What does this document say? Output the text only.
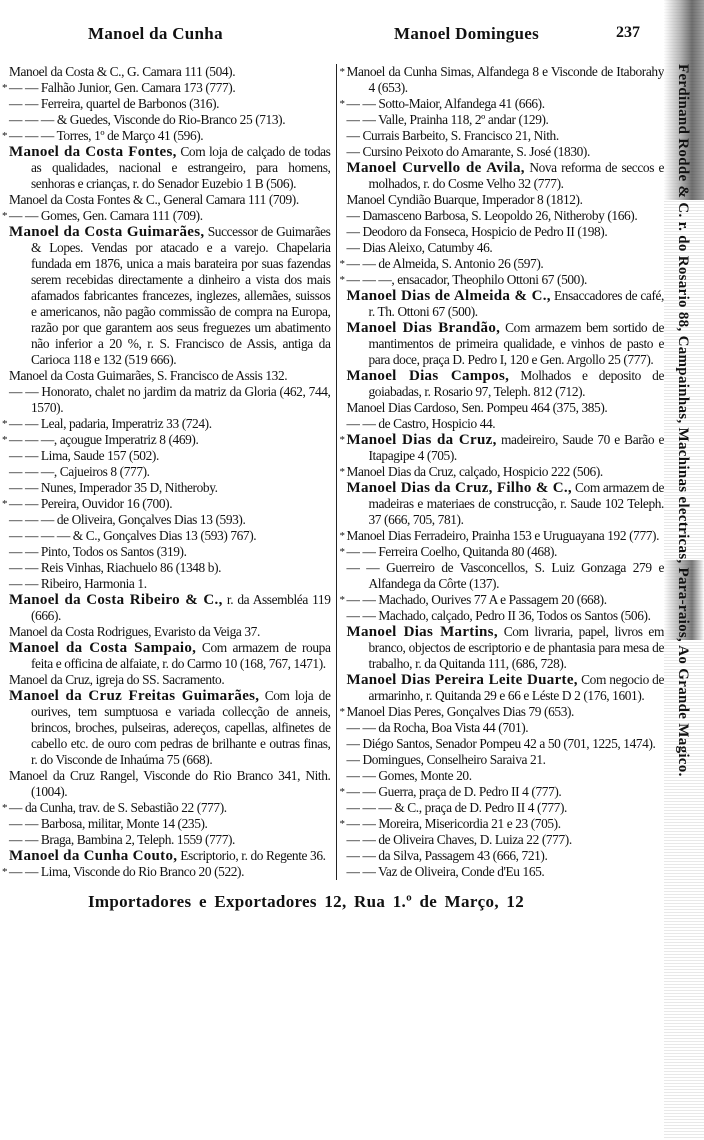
Manoel da Cunha	Manoel Domingues	237
Manoel da Costa & C., G. Camara 111 (504).
* — — Falhão Junior, Gen. Camara 173 (777).
— — Ferreira, quartel de Barbonos (316).
— — — & Guedes, Visconde do Rio-Branco 25 (713).
* — — — Torres, 1º de Março 41 (596).
Manoel da Costa Fontes, Com loja de calçado de todas as qualidades, nacional e estrangeiro, para homens, senhoras e crianças, r. do Senador Euzebio 1 B (506).
Manoel da Costa Fontes & C., General Camara 111 (709).
* — — Gomes, Gen. Camara 111 (709).
Manoel da Costa Guimarães, Successor de Guimarães & Lopes. Vendas por atacado e a varejo. Chapelaria fundada em 1876, unica a mais barateira por suas fazendas serem recebidas directamente a dinheiro a vista dos mais afamados fabricantes francezes, inglezes, allemães, suissos e americanos, não pagão commissão de compra na Europa, razão por que garantem aos seus freguezes um abatimento não inferior a 20 %, r. S. Francisco de Assis, antiga da Carioca 118 e 132 (519 666).
Manoel da Costa Guimarães, S. Francisco de Assis 132.
— — Honorato, chalet no jardim da matriz da Gloria (462, 744, 1570).
* — — Leal, padaria, Imperatriz 33 (724).
* — — —, açougue Imperatriz 8 (469).
— — Lima, Saude 157 (502).
— — —, Cajueiros 8 (777).
— — Nunes, Imperador 35 D, Nitheroby.
* — — Pereira, Ouvidor 16 (700).
— — — de Oliveira, Gonçalves Dias 13 (593).
— — — — & C., Gonçalves Dias 13 (593) 767).
— — Pinto, Todos os Santos (319).
— — Reis Vinhas, Riachuelo 86 (1348 b).
— — Ribeiro, Harmonia 1.
Manoel da Costa Ribeiro & C., r. da Assembléa 119 (666).
Manoel da Costa Rodrigues, Evaristo da Veiga 37.
Manoel da Costa Sampaio, Com armazem de roupa feita e officina de alfaiate, r. do Carmo 10 (168, 767, 1471).
Manoel da Cruz, igreja do SS. Sacramento.
Manoel da Cruz Freitas Guimarães, Com loja de ourives, tem sumptuosa e variada collecção de anneis, brincos, broches, pulseiras, adereços, capellas, alfinetes de cabello etc. de ouro com pedras de brilhante e outras finas, r. do Visconde de Inhaúma 75 (668).
Manoel da Cruz Rangel, Visconde do Rio Branco 341, Nith. (1004).
* — da Cunha, trav. de S. Sebastião 22 (777).
— — Barbosa, militar, Monte 14 (235).
— — Braga, Bambina 2, Teleph. 1559 (777).
Manoel da Cunha Couto, Escriptorio, r. do Regente 36.
* — — Lima, Visconde do Rio Branco 20 (522).
* Manoel da Cunha Simas, Alfandega 8 e Visconde de Itaborahy 4 (653).
* — — Sotto-Maior, Alfandega 41 (666).
— — Valle, Prainha 118, 2º andar (129).
— Currais Barbeito, S. Francisco 21, Nith.
— Cursino Peixoto do Amarante, S. José (1830).
Manoel Curvello de Avila, Nova reforma de seccos e molhados, r. do Cosme Velho 32 (777).
Manoel Cyndião Buarque, Imperador 8 (1812).
— Damasceno Barbosa, S. Leopoldo 26, Nitheroby (166).
— Deodoro da Fonseca, Hospicio de Pedro II (198).
— Dias Aleixo, Catumby 46.
* — — de Almeida, S. Antonio 26 (597).
* — — —, ensacador, Theophilo Ottoni 67 (500).
Manoel Dias de Almeida & C., Ensaccadores de café, r. Th. Ottoni 67 (500).
Manoel Dias Brandão, Com armazem bem sortido de mantimentos de primeira qualidade, e vinhos de pasto e para doce, praça D. Pedro I, 120 e Gen. Argollo 25 (777).
Manoel Dias Campos, Molhados e deposito de goiabadas, r. Rosario 97, Teleph. 812 (712).
Manoel Dias Cardoso, Sen. Pompeu 464 (375, 385).
— — de Castro, Hospicio 44.
* Manoel Dias da Cruz, madeireiro, Saude 70 e Barão e Itapagipe 4 (705).
* Manoel Dias da Cruz, calçado, Hospicio 222 (506).
Manoel Dias da Cruz, Filho & C., Com armazem de madeiras e materiaes de construcção, r. Saude 102 Teleph. 37 (666, 705, 781).
* Manoel Dias Ferradeiro, Prainha 153 e Uruguayana 192 (777).
* — — Ferreira Coelho, Quitanda 80 (468).
— — Guerreiro de Vasconcellos, S. Luiz Gonzaga 279 e Alfandega da Côrte (137).
* — — Machado, Ourives 77 A e Passagem 20 (668).
— — Machado, calçado, Pedro II 36, Todos os Santos (506).
Manoel Dias Martins, Com livraria, papel, livros em branco, objectos de escriptorio e de phantasia para mesa de trabalho, r. da Quitanda 111, (686, 728).
Manoel Dias Pereira Leite Duarte, Com negocio de armarinho, r. Quitanda 29 e 66 e Léste D 2 (176, 1601).
* Manoel Dias Peres, Gonçalves Dias 79 (653).
— — da Rocha, Boa Vista 44 (701).
— Diégo Santos, Senador Pompeu 42 a 50 (701, 1225, 1474).
— Domingues, Conselheiro Saraiva 21.
— — Gomes, Monte 20.
* — — Guerra, praça de D. Pedro II 4 (777).
— — — & C., praça de D. Pedro II 4 (777).
* — — Moreira, Misericordia 21 e 23 (705).
— — de Oliveira Chaves, D. Luiza 22 (777).
— — da Silva, Passagem 43 (666, 721).
— — Vaz de Oliveira, Conde d'Eu 165.
Importadores e Exportadores 12, Rua 1.º de Março, 12
Ferdinand Rodde & C. r. do Rosario 88, Campainhas, Machinas electricas, Para-raios, Ao Grande Magico.
